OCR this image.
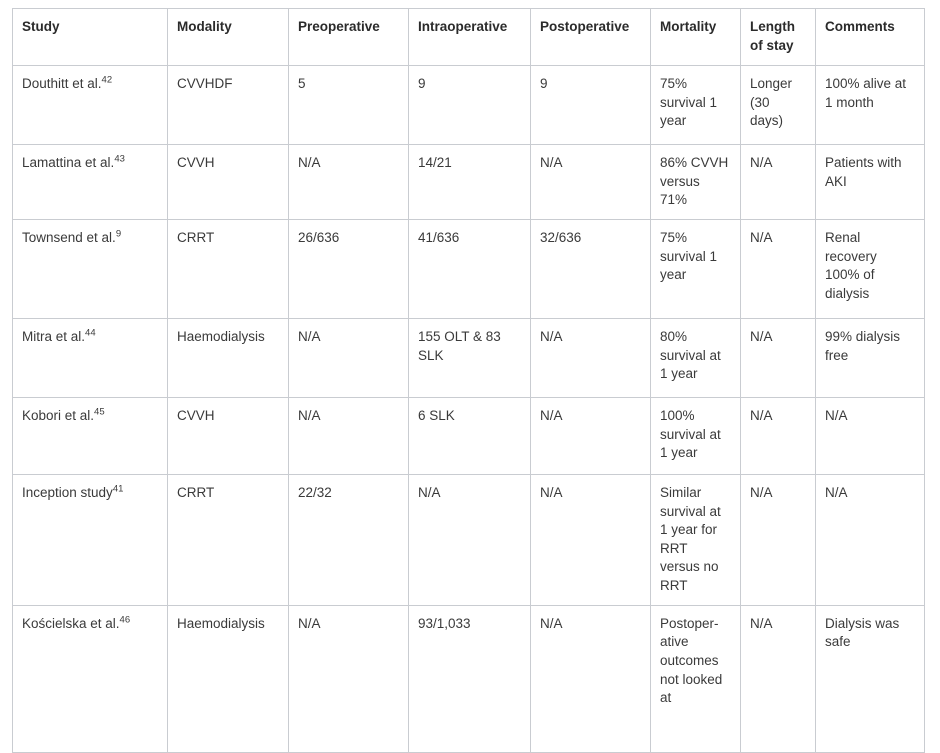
Study	Modality	Preoperative	Intraoperative	Postoperative	Mortality	Length of stay	Comments
Douthitt et al.$^{42}$	CVVHDF	5	9	9	75% survival 1 year	Longer (30 days)	100% alive at 1 month
Lamattina et al.$^{43}$	CVVH	N/A	14/21	N/A	86% CVVH versus 71%	N/A	Patients with AKI
Townsend et al.$^9$	CRRT	26/636	41/636	32/636	75% survival 1 year	N/A	Renal recovery 100% of dialysis
Mitra et al.$^{44}$	Haemodialysis	N/A	155 OLT & 83 SLK	N/A	80% survival at 1 year	N/A	99% dialysis free
Kobori et al.$^{45}$	CVVH	N/A	6 SLK	N/A	100% survival at 1 year	N/A	N/A
Inception study$^{41}$	CRRT	22/32	N/A	N/A	Similar survival at 1 year for RRT versus no RRT	N/A	N/A
Kościelska et al.$^{46}$	Haemodialysis	N/A	93/1,033	N/A	Postoper-ative outcomes not looked at	N/A	Dialysis was safe
